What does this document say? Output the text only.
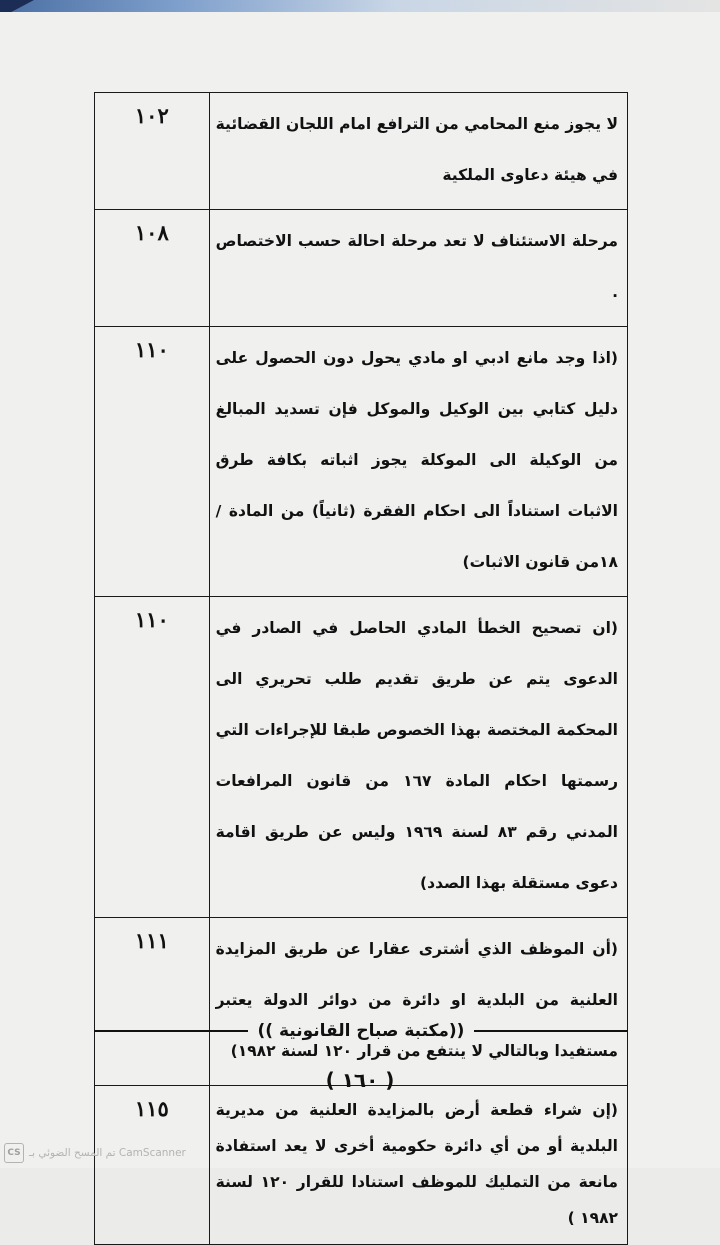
لا يجوز منع المحامي من الترافع امام اللجان القضائية في هيئة دعاوى الملكية	١٠٢
مرحلة الاستئناف لا تعد مرحلة احالة حسب الاختصاص .	١٠٨
(اذا وجد مانع ادبي او مادي يحول دون الحصول على دليل كتابي بين الوكيل والموكل فإن تسديد المبالغ من الوكيلة الى الموكلة يجوز اثباته بكافة طرق الاثبات استناداً الى احكام الفقرة (ثانياً) من المادة /١٨من قانون الاثبات)	١١٠
(ان تصحيح الخطأ المادي الحاصل في الصادر في الدعوى يتم عن طريق تقديم طلب تحريري الى المحكمة المختصة بهذا الخصوص طبقا للإجراءات التي رسمتها احكام المادة ١٦٧ من قانون المرافعات المدني رقم ٨٣ لسنة ١٩٦٩ وليس عن طريق اقامة دعوى مستقلة بهذا الصدد)	١١٠
(أن الموظف الذي أشترى عقارا عن طريق المزايدة العلنية من البلدية او دائرة من دوائر الدولة يعتبر مستفيدا وبالتالي لا ينتفع من قرار ١٢٠ لسنة ١٩٨٢)	١١١
(إن شراء قطعة أرض بالمزايدة العلنية من مديرية البلدية أو من أي دائرة حكومية أخرى لا يعد استفادة مانعة من التمليك للموظف استنادا للقرار ١٢٠ لسنة ١٩٨٢ )	١١٥
((مكتبة صباح القانونية ))
( ١٦٠ )
CS تم المسح الضوئي بـ CamScanner
